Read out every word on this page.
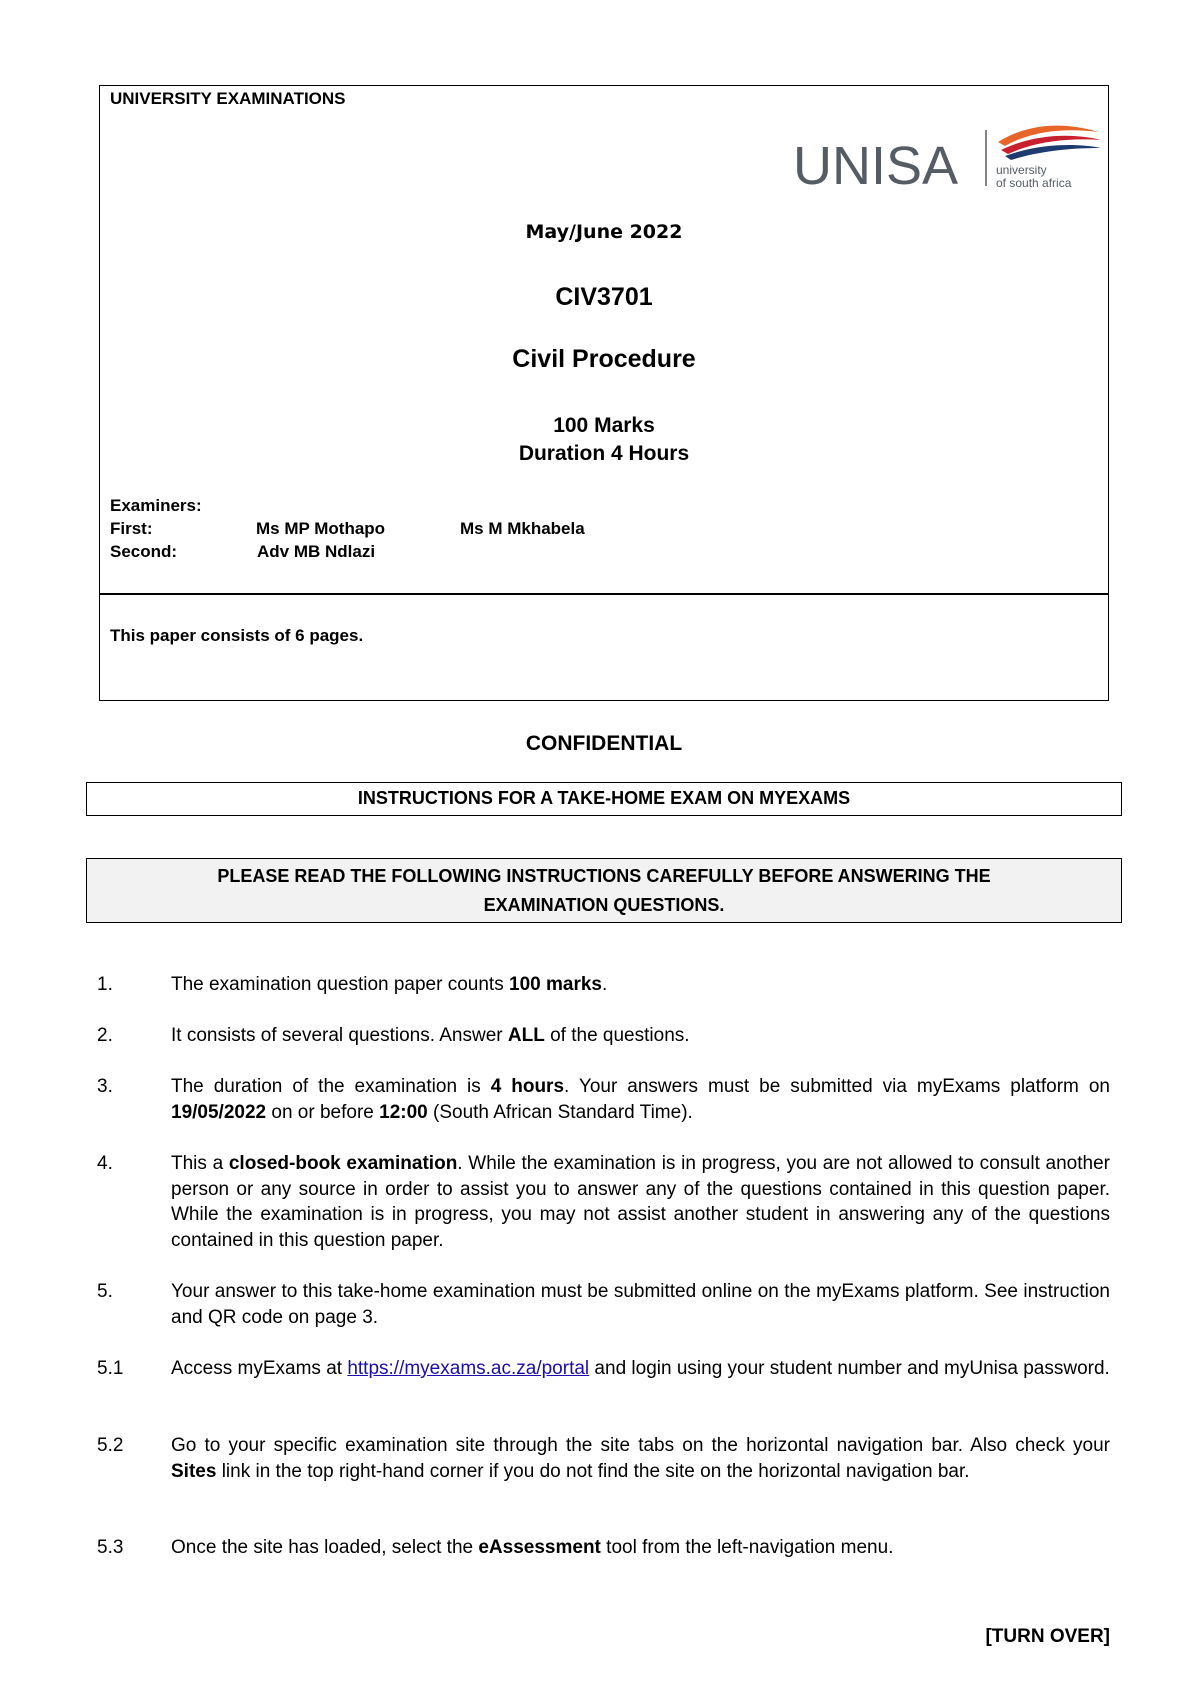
UNIVERSITY EXAMINATIONS
UNISA	university
of south africa
May/June 2022
CIV3701
Civil Procedure
100 Marks
Duration 4 Hours
Examiners:
First:	Ms MP Mothapo	Ms M Mkhabela
Second:	Adv MB Ndlazi
This paper consists of 6 pages.
CONFIDENTIAL
INSTRUCTIONS FOR A TAKE-HOME EXAM ON MYEXAMS
PLEASE READ THE FOLLOWING INSTRUCTIONS CAREFULLY BEFORE ANSWERING THE
EXAMINATION QUESTIONS.
1.	The examination question paper counts 100 marks.
2.	It consists of several questions. Answer ALL of the questions.
3.	The duration of the examination is 4 hours. Your answers must be submitted via myExams platform on 19/05/2022 on or before 12:00 (South African Standard Time).
4.	This a closed-book examination. While the examination is in progress, you are not allowed to consult another person or any source in order to assist you to answer any of the questions contained in this question paper. While the examination is in progress, you may not assist another student in answering any of the questions contained in this question paper.
5.	Your answer to this take-home examination must be submitted online on the myExams platform. See instruction and QR code on page 3.
5.1	Access myExams at https://myexams.ac.za/portal and login using your student number and myUnisa password.
5.2	Go to your specific examination site through the site tabs on the horizontal navigation bar. Also check your Sites link in the top right-hand corner if you do not find the site on the horizontal navigation bar.
5.3	Once the site has loaded, select the eAssessment tool from the left-navigation menu.
[TURN OVER]
